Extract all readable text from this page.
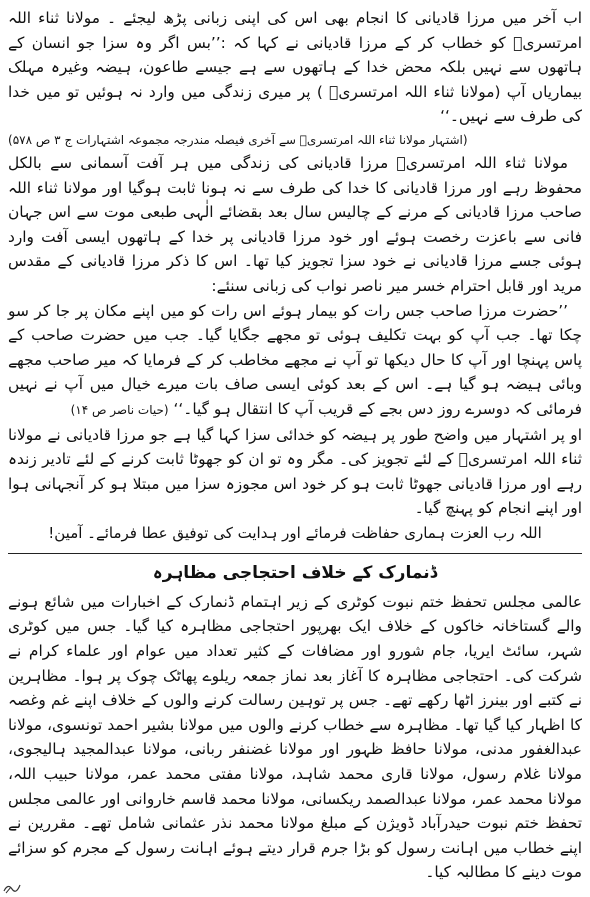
اب آخر میں مرزا قادیانی کا انجام بھی اس کی اپنی زبانی پڑھ لیجئے ۔ مولانا ثناء اللہ امرتسریؒ کو خطاب کر کے مرزا قادیانی نے کہا کہ :’’بس اگر وہ سزا جو انسان کے ہاتھوں سے نہیں بلکہ محض خدا کے ہاتھوں سے ہے جیسے طاعون، ہیضہ وغیرہ مہلک بیماریاں آپ (مولانا ثناء اللہ امرتسریؒ ) پر میری زندگی میں وارد نہ ہوئیں تو میں خدا کی طرف سے نہیں۔‘‘
(اشتہار مولانا ثناء اللہ امرتسریؒ سے آخری فیصلہ مندرجہ مجموعہ اشتہارات ج ۳ ص ۵۷۸)

مولانا ثناء اللہ امرتسریؒ مرزا قادیانی کی زندگی میں ہر آفت آسمانی سے بالکل محفوظ رہے اور مرزا قادیانی کا خدا کی طرف سے نہ ہونا ثابت ہوگیا اور مولانا ثناء اللہ صاحب مرزا قادیانی کے مرنے کے چالیس سال بعد بقضائے الٰہی طبعی موت سے اس جہان فانی سے باعزت رخصت ہوئے اور خود مرزا قادیانی پر خدا کے ہاتھوں ایسی آفت وارد ہوئی جسے مرزا قادیانی نے خود سزا تجویز کیا تھا۔ اس کا ذکر مرزا قادیانی کے مقدس مرید اور قابل احترام خسر میر ناصر نواب کی زبانی سنئے:

’’حضرت مرزا صاحب جس رات کو بیمار ہوئے اس رات کو میں اپنے مکان پر جا کر سو چکا تھا۔ جب آپ کو بہت تکلیف ہوئی تو مجھے جگایا گیا۔ جب میں حضرت صاحب کے پاس پہنچا اور آپ کا حال دیکھا تو آپ نے مجھے مخاطب کر کے فرمایا کہ میر صاحب مجھے وبائی ہیضہ ہو گیا ہے۔ اس کے بعد کوئی ایسی صاف بات میرے خیال میں آپ نے نہیں فرمائی کہ دوسرے روز دس بجے کے قریب آپ کا انتقال ہو گیا۔‘‘ (حیات ناصر ص ۱۴)

او پر اشتہار میں واضح طور پر ہیضہ کو خدائی سزا کہا گیا ہے جو مرزا قادیانی نے مولانا ثناء اللہ امرتسریؒ کے لئے تجویز کی۔ مگر وہ تو ان کو جھوٹا ثابت کرنے کے لئے تادیر زندہ رہے اور مرزا قادیانی جھوٹا ثابت ہو کر خود اس مجوزہ سزا میں مبتلا ہو کر آنجہانی ہوا اور اپنے انجام کو پہنچ گیا۔

اللہ رب العزت ہماری حفاظت فرمائے اور ہدایت کی توفیق عطا فرمائے۔ آمین!

ڈنمارک کے خلاف احتجاجی مظاہرہ

عالمی مجلس تحفظ ختم نبوت کوٹری کے زیر اہتمام ڈنمارک کے اخبارات میں شائع ہونے والے گستاخانہ خاکوں کے خلاف ایک بھرپور احتجاجی مظاہرہ کیا گیا۔ جس میں کوٹری شہر، سائٹ ایریا، جام شورو اور مضافات کے کثیر تعداد میں عوام اور علماء کرام نے شرکت کی۔ احتجاجی مظاہرہ کا آغاز بعد نماز جمعہ ریلوے پھاٹک چوک پر ہوا۔ مظاہرین نے کتبے اور بینرز اٹھا رکھے تھے۔ جس پر توہین رسالت کرنے والوں کے خلاف اپنے غم وغصہ کا اظہار کیا گیا تھا۔ مظاہرہ سے خطاب کرنے والوں میں مولانا بشیر احمد تونسوی، مولانا عبدالغفور مدنی، مولانا حافظ ظہور اور مولانا غضنفر ربانی، مولانا عبدالمجید ہالیجوی، مولانا غلام رسول، مولانا قاری محمد شاہد، مولانا مفتی محمد عمر، مولانا حبیب اللہ، مولانا محمد عمر، مولانا عبدالصمد ریکسانی، مولانا محمد قاسم خاروانی اور عالمی مجلس تحفظ ختم نبوت حیدرآباد ڈویژن کے مبلغ مولانا محمد نذر عثمانی شامل تھے۔ مقررین نے اپنے خطاب میں اہانت رسول کو بڑا جرم قرار دیتے ہوئے اہانت رسول کے مجرم کو سزائے موت دینے کا مطالبہ کیا۔
